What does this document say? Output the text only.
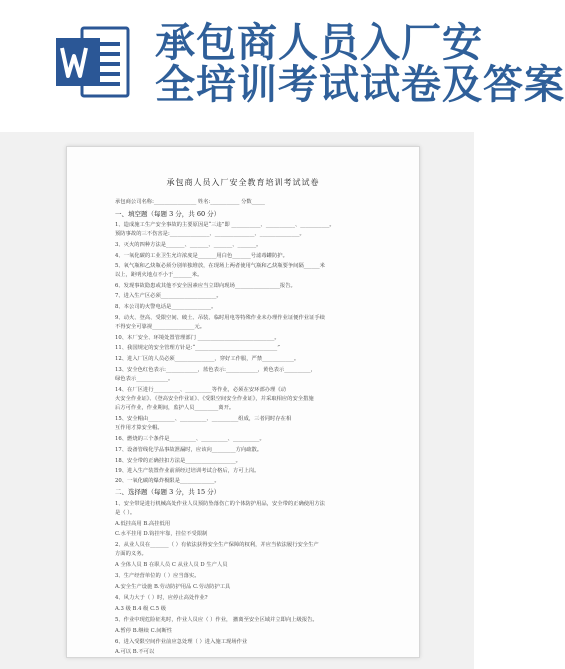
承包商人员入厂安
全培训考试试卷及答案
承包商人员入厂安全教育培训考试试卷
承包商公司名称:________________ 姓名:___________ 分数_____
一、填空题（每题 3 分，共 60 分）
1、造成施工生产安全事故的主要原因是“三违”即 ___________、___________、___________。
预防事故的三不伤害是:_______________、_______________、_______________。
3、灭火的四种方法是_______、_______、_______、_______。
4、一氧化碳的工业卫生允许浓度是_______用白色_______号滤毒罐防护。
5、氧气瓶和乙炔瓶必须分别单独堆放，在现场上两者使用气瓶和乙炔瓶要争间隔______米
以上，距明火地点不小于_______米。
6、发现事故隐患或其他不安全因素应当立即向现场_________________报告。
7、进入生产区必须_____________________。
8、本公司的火警电话是_______________。
9、动火、登高、受限空间、破土、吊装、临时用电等特殊作业未办理作业证便作业证手续
不得安全可靠视________________元。
10、本厂安全、环境处置管理部门 _____________________________。
11、我国规定的安全管理方针是:“_______________________________”
12、进入厂区的人员必须_______________，穿好工作服，严禁____________。
13、安全色红色表示:____________，蓝色表示:____________，黄色表示__________，
绿色表示____________。
14、在厂区进行__________、__________等作业，必须在安环部办理《动
火安全作业证》、《登高安全作业证》、《受限空间安全作业证》，并采取相应的安全措施
后方可作业，作业期间，监护人员_________离开。
15、安全帽由__________、__________、__________组成，三者同时存在相
互作用才算安全帽。
16、燃烧的三个条件是__________、__________、__________。
17、设备管线化学品事故泄漏时，应该向_________方向疏散。
18、安全带的正确挂扣方法是___________________。
19、进入生产装置作业前须经过培训考试合格后，方可上岗。
20、一氧化碳的爆炸极限是_____________。
二、选择题（每题 3 分，共 15 分）
1、安全带是进行机械高处作业人员预防坠落伤亡的个体防护用品，安全带的正确使用方法
是（ ）。
A.低挂高用 B.高挂低用
C.水平挂用 D.钩挂牢靠，挂位不受限制
2、从业人员在_______（ ）有依法获得安全生产保障的权利，并应当依法履行安全生产
方面的义务。
A 全体人员 B 在职人员 C 从业人员 D 生产人员
3、生产经营单位的（ ）应当落实。
A.安全生产设施 B.劳动防护用品 C.劳动防护工具
4、风力大于（ ）时，应停止高处作业?
A.3 级 B.4 级 C.5 级
5、作业中现危险征兆时，作业人员应（ ）作业， 撤离至安全区域并立即向上级报告。
A.暂停 B.继续 C.间断性
6、进入受限空间作业前应急处理（ ）进入施工现场作业
A.可以 B.不可以
